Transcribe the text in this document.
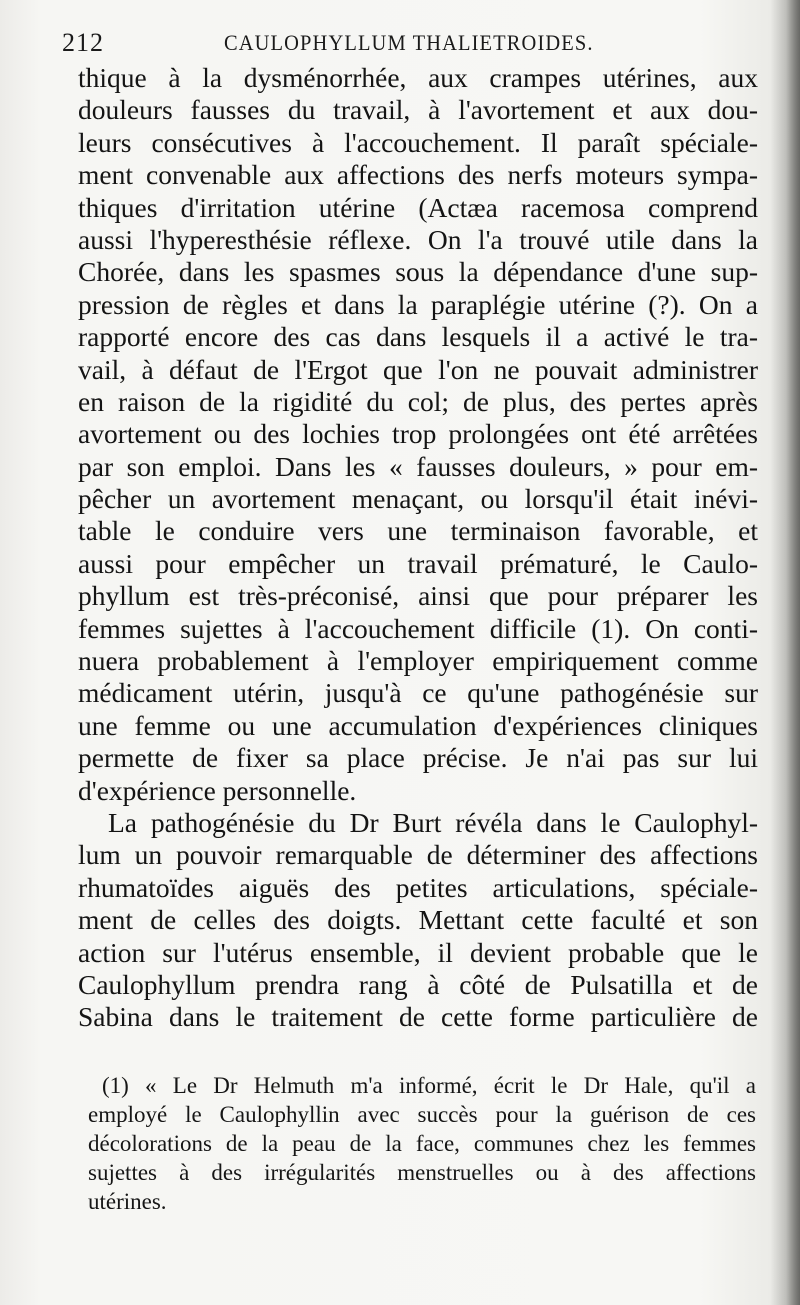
212	CAULOPHYLLUM THALIETROIDES.
thique à la dysménorrhée, aux crampes utérines, aux
douleurs fausses du travail, à l'avortement et aux dou-
leurs consécutives à l'accouchement. Il paraît spéciale-
ment convenable aux affections des nerfs moteurs sympa-
thiques d'irritation utérine (Actæa racemosa comprend
aussi l'hyperesthésie réflexe. On l'a trouvé utile dans la
Chorée, dans les spasmes sous la dépendance d'une sup-
pression de règles et dans la paraplégie utérine (?). On a
rapporté encore des cas dans lesquels il a activé le tra-
vail, à défaut de l'Ergot que l'on ne pouvait administrer
en raison de la rigidité du col; de plus, des pertes après
avortement ou des lochies trop prolongées ont été arrêtées
par son emploi. Dans les « fausses douleurs, » pour em-
pêcher un avortement menaçant, ou lorsqu'il était inévi-
table le conduire vers une terminaison favorable, et
aussi pour empêcher un travail prématuré, le Caulo-
phyllum est très-préconisé, ainsi que pour préparer les
femmes sujettes à l'accouchement difficile (1). On conti-
nuera probablement à l'employer empiriquement comme
médicament utérin, jusqu'à ce qu'une pathogénésie sur
une femme ou une accumulation d'expériences cliniques
permette de fixer sa place précise. Je n'ai pas sur lui
d'expérience personnelle.
La pathogénésie du Dr Burt révéla dans le Caulophyl-
lum un pouvoir remarquable de déterminer des affections
rhumatoïdes aiguës des petites articulations, spéciale-
ment de celles des doigts. Mettant cette faculté et son
action sur l'utérus ensemble, il devient probable que le
Caulophyllum prendra rang à côté de Pulsatilla et de
Sabina dans le traitement de cette forme particulière de
(1) « Le Dr Helmuth m'a informé, écrit le Dr Hale, qu'il a
employé le Caulophyllin avec succès pour la guérison de ces
décolorations de la peau de la face, communes chez les femmes
sujettes à des irrégularités menstruelles ou à des affections
utérines.
